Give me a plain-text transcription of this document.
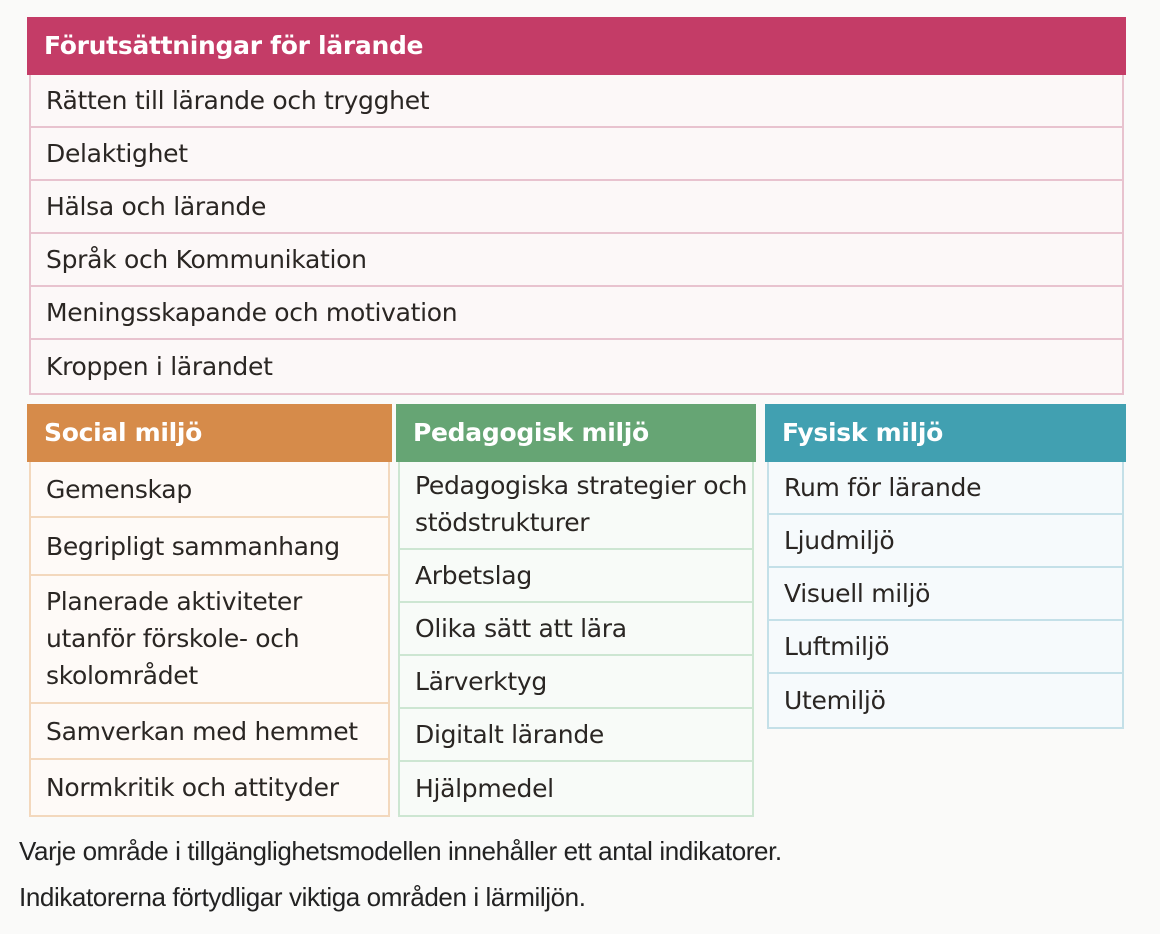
Förutsättningar för lärande
Rätten till lärande och trygghet
Delaktighet
Hälsa och lärande
Språk och Kommunikation
Meningsskapande och motivation
Kroppen i lärandet
Social miljö
Gemenskap
Begripligt sammanhang
Planerade aktiviteter utanför förskole- och skolområdet
Samverkan med hemmet
Normkritik och attityder
Pedagogisk miljö
Pedagogiska strategier och stödstrukturer
Arbetslag
Olika sätt att lära
Lärverktyg
Digitalt lärande
Hjälpmedel
Fysisk miljö
Rum för lärande
Ljudmiljö
Visuell miljö
Luftmiljö
Utemiljö
Varje område i tillgänglighetsmodellen innehåller ett antal indikatorer.
Indikatorerna förtydligar viktiga områden i lärmiljön.
